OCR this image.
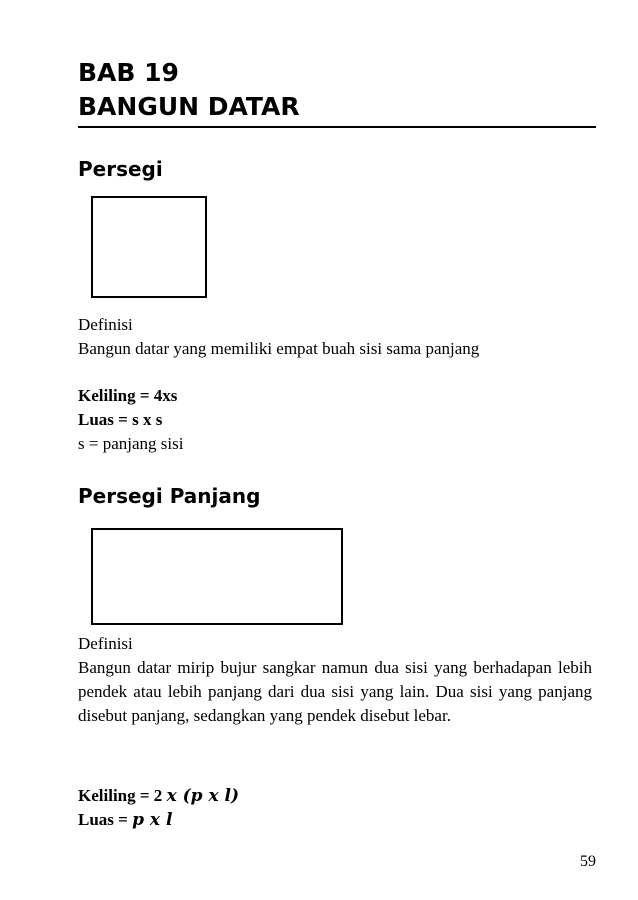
BAB 19
BANGUN DATAR
Persegi
Definisi
Bangun datar yang memiliki empat buah sisi sama panjang
Keliling = 4xs
Luas = s x s
s = panjang sisi
Persegi Panjang
Definisi
Bangun datar mirip bujur sangkar namun dua sisi yang berhadapan lebih pendek atau lebih panjang dari dua sisi yang lain. Dua sisi yang panjang disebut panjang, sedangkan yang pendek disebut lebar.
Keliling = 2 𝒙 (𝒑 𝒙 𝒍)
Luas = 𝒑 𝒙 𝒍
59
